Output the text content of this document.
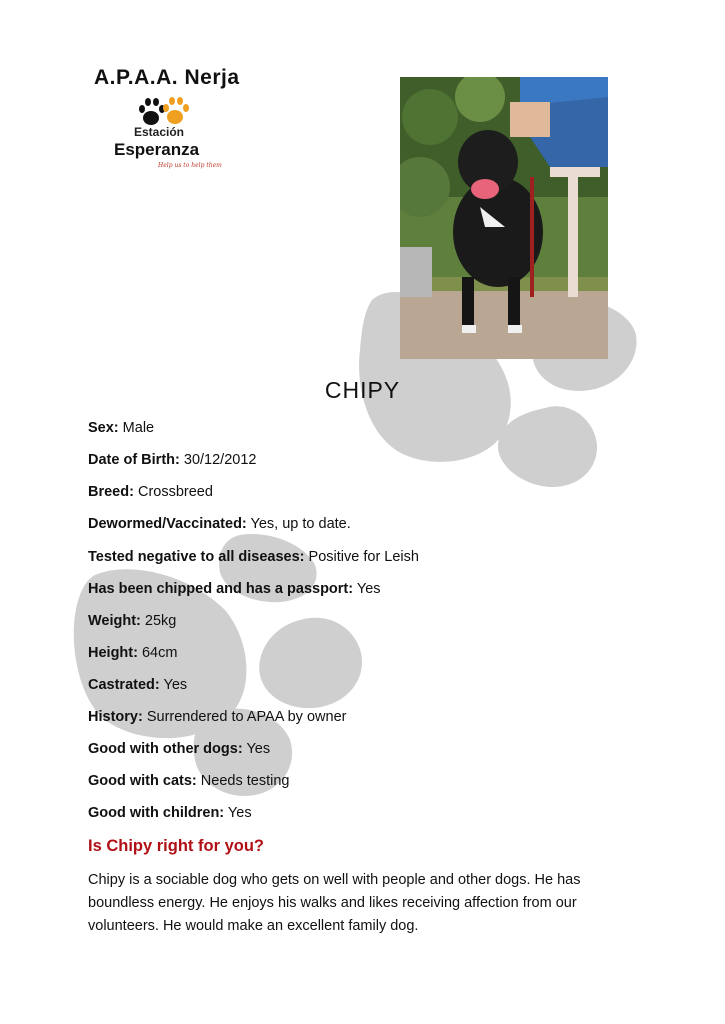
A.P.A.A. Nerja
Estación
Esperanza
Help us to help them
CHIPY
Sex: Male
Date of Birth: 30/12/2012
Breed: Crossbreed
Dewormed/Vaccinated: Yes, up to date.
Tested negative to all diseases: Positive for Leish
Has been chipped and has a passport: Yes
Weight: 25kg
Height: 64cm
Castrated: Yes
History: Surrendered to APAA by owner
Good with other dogs: Yes
Good with cats: Needs testing
Good with children: Yes
Is Chipy right for you?
Chipy is a sociable dog who gets on well with people and other dogs. He has boundless energy. He enjoys his walks and likes receiving affection from our volunteers. He would make an excellent family dog.
